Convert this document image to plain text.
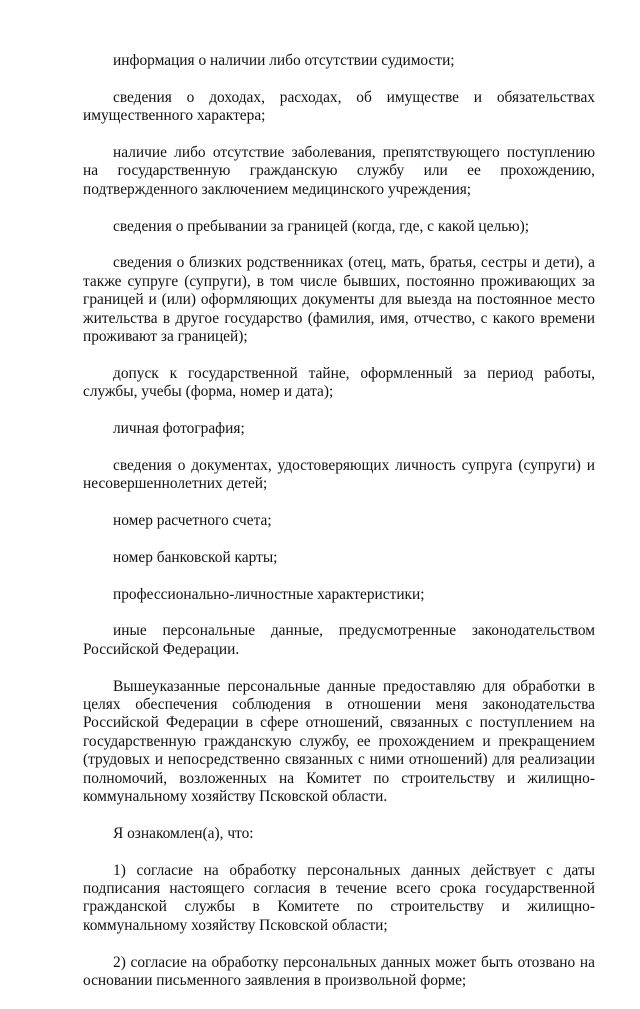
информация о наличии либо отсутствии судимости;

сведения о доходах, расходах, об имуществе и обязательствах имущественного характера;

наличие либо отсутствие заболевания, препятствующего поступлению на государственную гражданскую службу или ее прохождению, подтвержденного заключением медицинского учреждения;

сведения о пребывании за границей (когда, где, с какой целью);

сведения о близких родственниках (отец, мать, братья, сестры и дети), а также супруге (супруги), в том числе бывших, постоянно проживающих за границей и (или) оформляющих документы для выезда на постоянное место жительства в другое государство (фамилия, имя, отчество, с какого времени проживают за границей);

допуск к государственной тайне, оформленный за период работы, службы, учебы (форма, номер и дата);

личная фотография;

сведения о документах, удостоверяющих личность супруга (супруги) и несовершеннолетних детей;

номер расчетного счета;

номер банковской карты;

профессионально-личностные характеристики;

иные персональные данные, предусмотренные законодательством Российской Федерации.

Вышеуказанные персональные данные предоставляю для обработки в целях обеспечения соблюдения в отношении меня законодательства Российской Федерации в сфере отношений, связанных с поступлением на государственную гражданскую службу, ее прохождением и прекращением (трудовых и непосредственно связанных с ними отношений) для реализации полномочий, возложенных на Комитет по строительству и жилищно-коммунальному хозяйству Псковской области.

Я ознакомлен(а), что:

1) согласие на обработку персональных данных действует с даты подписания настоящего согласия в течение всего срока государственной гражданской службы в Комитете по строительству и жилищно-коммунальному хозяйству Псковской области;

2) согласие на обработку персональных данных может быть отозвано на основании письменного заявления в произвольной форме;
